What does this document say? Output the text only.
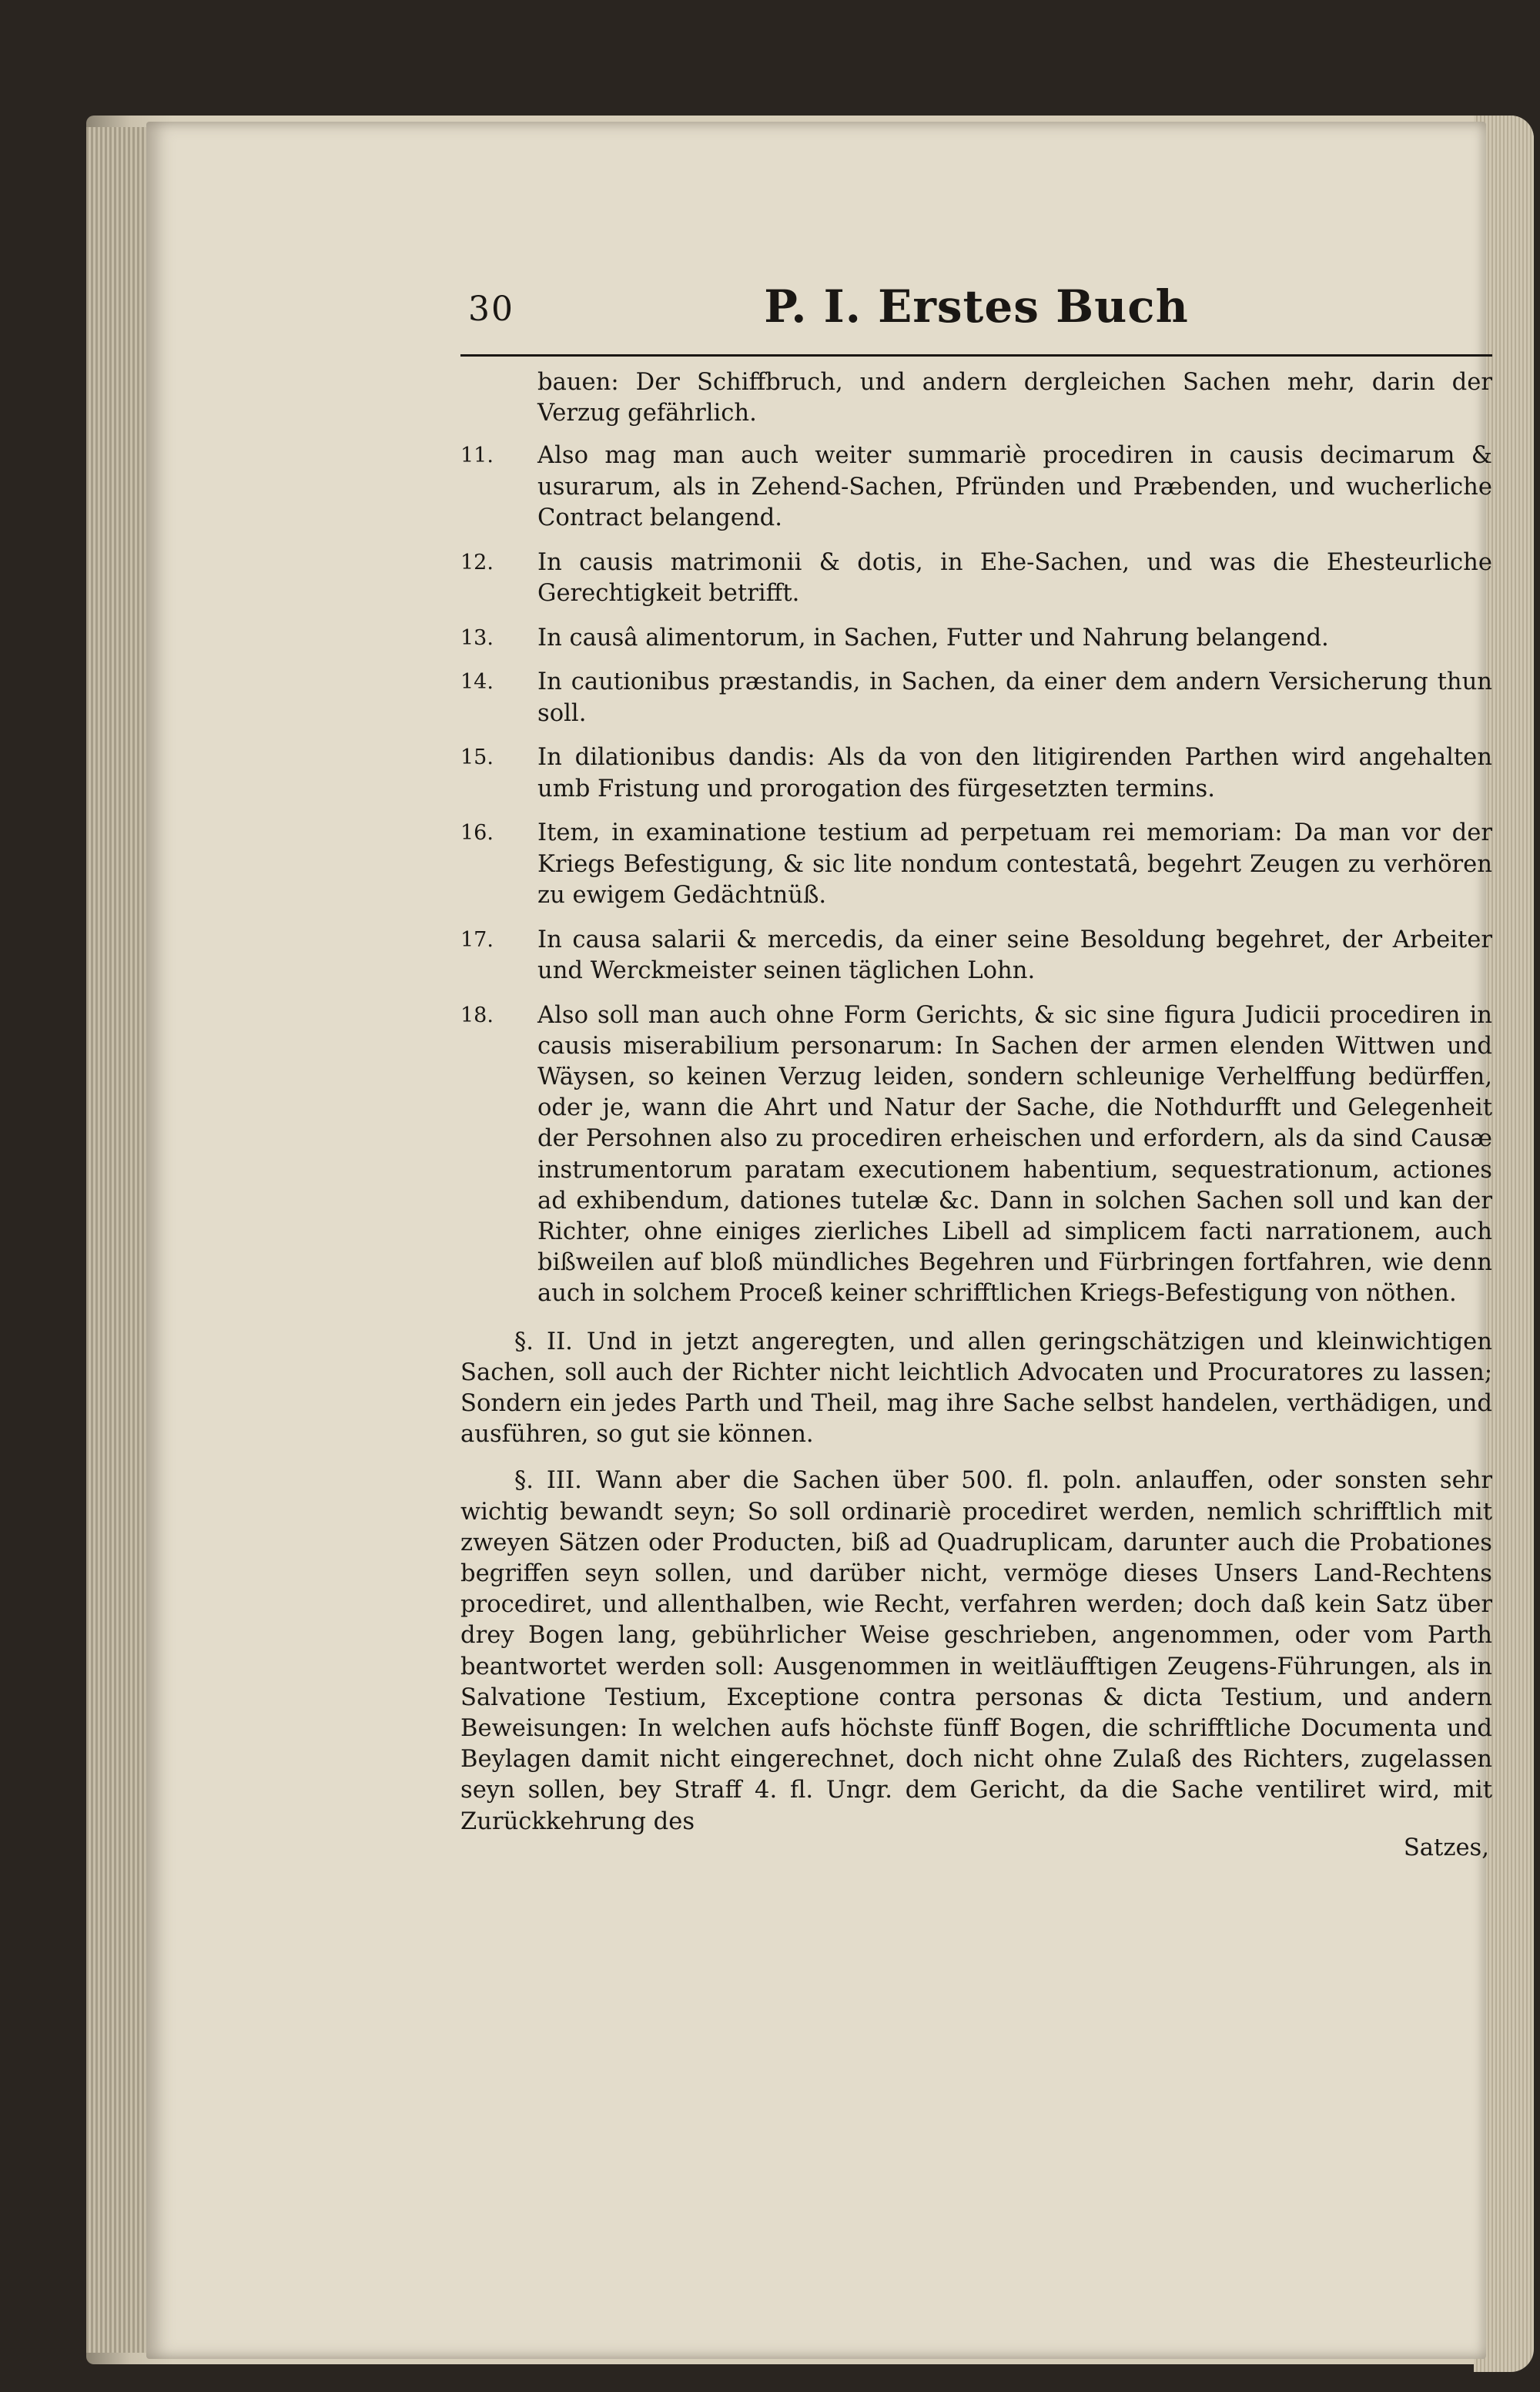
30	P. I. Erstes Buch

bauen: Der Schiffbruch, und andern dergleichen Sachen mehr, darin der Verzug gefährlich.

11.	Also mag man auch weiter summariè procediren in causis decimarum & usurarum, als in Zehend-Sachen, Pfründen und Præbenden, und wucherliche Contract belangend.
12.	In causis matrimonii & dotis, in Ehe-Sachen, und was die Ehesteurliche Gerechtigkeit betrifft.
13.	In causâ alimentorum, in Sachen, Futter und Nahrung belangend.
14.	In cautionibus præstandis, in Sachen, da einer dem andern Versicherung thun soll.
15.	In dilationibus dandis: Als da von den litigirenden Parthen wird angehalten umb Fristung und prorogation des fürgesetzten termins.
16.	Item, in examinatione testium ad perpetuam rei memoriam: Da man vor der Kriegs Befestigung, & sic lite nondum contestatâ, begehrt Zeugen zu verhören zu ewigem Gedächtnüß.
17.	In causa salarii & mercedis, da einer seine Besoldung begehret, der Arbeiter und Werckmeister seinen täglichen Lohn.
18.	Also soll man auch ohne Form Gerichts, & sic sine figura Judicii procediren in causis miserabilium personarum: In Sachen der armen elenden Wittwen und Wäysen, so keinen Verzug leiden, sondern schleunige Verhelffung bedürffen, oder je, wann die Ahrt und Natur der Sache, die Nothdurfft und Gelegenheit der Persohnen also zu procediren erheischen und erfordern, als da sind Causæ instrumentorum paratam executionem habentium, sequestrationum, actiones ad exhibendum, dationes tutelæ &c. Dann in solchen Sachen soll und kan der Richter, ohne einiges zierliches Libell ad simplicem facti narrationem, auch bißweilen auf bloß mündliches Begehren und Fürbringen fortfahren, wie denn auch in solchem Proceß keiner schrifftlichen Kriegs-Befestigung von nöthen.

§. II. Und in jetzt angeregten, und allen geringschätzigen und kleinwichtigen Sachen, soll auch der Richter nicht leichtlich Advocaten und Procuratores zu lassen; Sondern ein jedes Parth und Theil, mag ihre Sache selbst handelen, verthädigen, und ausführen, so gut sie können.

§. III. Wann aber die Sachen über 500. fl. poln. anlauffen, oder sonsten sehr wichtig bewandt seyn; So soll ordinariè procediret werden, nemlich schrifftlich mit zweyen Sätzen oder Producten, biß ad Quadruplicam, darunter auch die Probationes begriffen seyn sollen, und darüber nicht, vermöge dieses Unsers Land-Rechtens procediret, und allenthalben, wie Recht, verfahren werden; doch daß kein Satz über drey Bogen lang, gebührlicher Weise geschrieben, angenommen, oder vom Parth beantwortet werden soll: Ausgenommen in weitläufftigen Zeugens-Führungen, als in Salvatione Testium, Exceptione contra personas & dicta Testium, und andern Beweisungen: In welchen aufs höchste fünff Bogen, die schrifftliche Documenta und Beylagen damit nicht eingerechnet, doch nicht ohne Zulaß des Richters, zugelassen seyn sollen, bey Straff 4. fl. Ungr. dem Gericht, da die Sache ventiliret wird, mit Zurückkehrung des

Satzes,
